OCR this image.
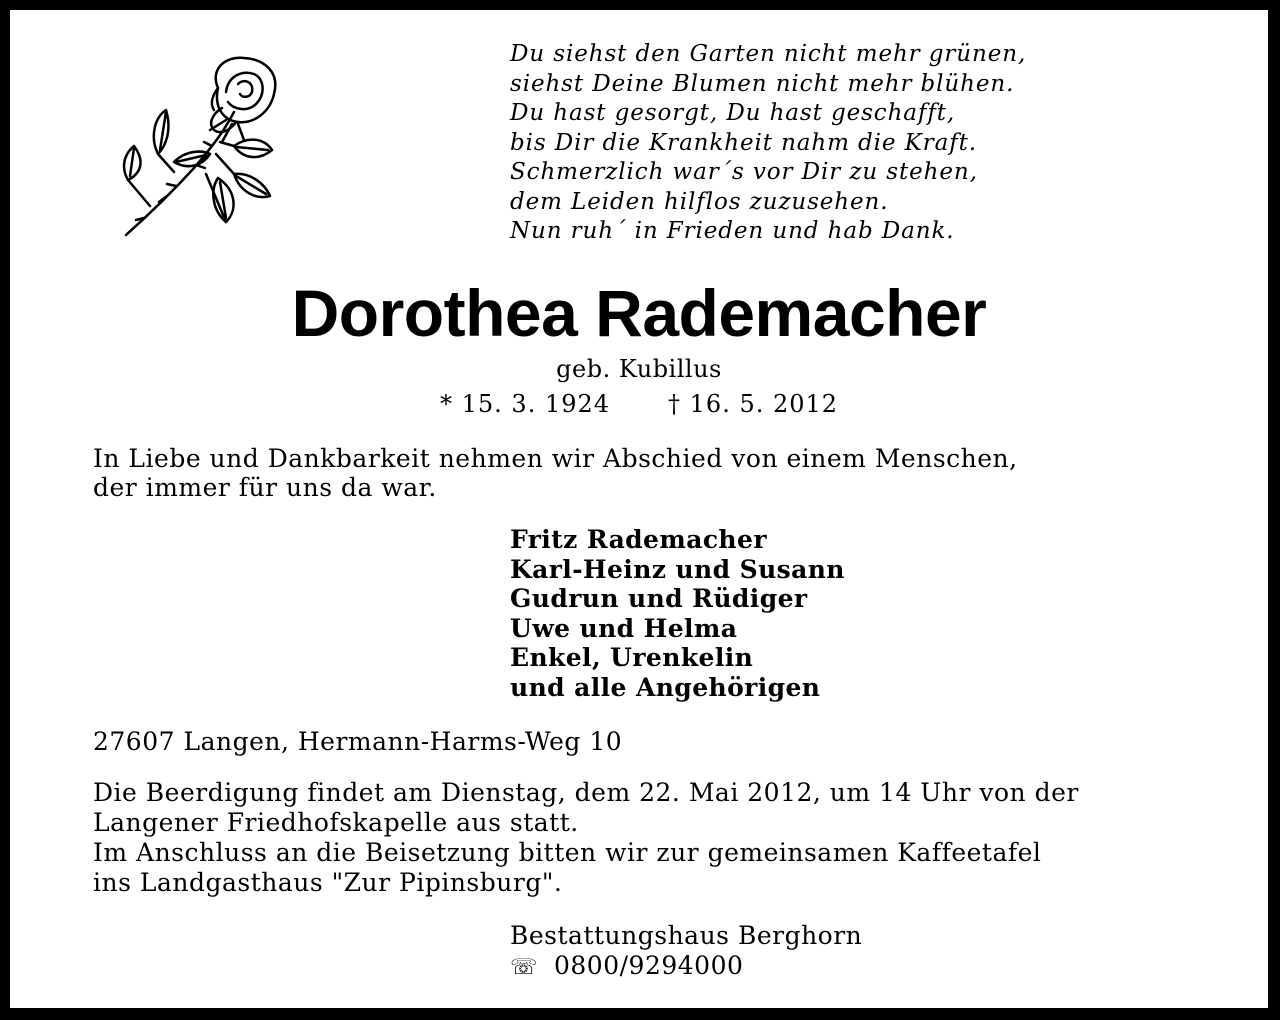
Du siehst den Garten nicht mehr grünen,
siehst Deine Blumen nicht mehr blühen.
Du hast gesorgt, Du hast geschafft,
bis Dir die Krankheit nahm die Kraft.
Schmerzlich war´s vor Dir zu stehen,
dem Leiden hilflos zuzusehen.
Nun ruh´ in Frieden und hab Dank.
Dorothea Rademacher
geb. Kubillus
* 15. 3. 1924 † 16. 5. 2012
In Liebe und Dankbarkeit nehmen wir Abschied von einem Menschen,
der immer für uns da war.
Fritz Rademacher
Karl-Heinz und Susann
Gudrun und Rüdiger
Uwe und Helma
Enkel, Urenkelin
und alle Angehörigen
27607 Langen, Hermann-Harms-Weg 10
Die Beerdigung findet am Dienstag, dem 22. Mai 2012, um 14 Uhr von der
Langener Friedhofskapelle aus statt.
Im Anschluss an die Beisetzung bitten wir zur gemeinsamen Kaffeetafel
ins Landgasthaus "Zur Pipinsburg".
Bestattungshaus Berghorn
☏ 0800/9294000
